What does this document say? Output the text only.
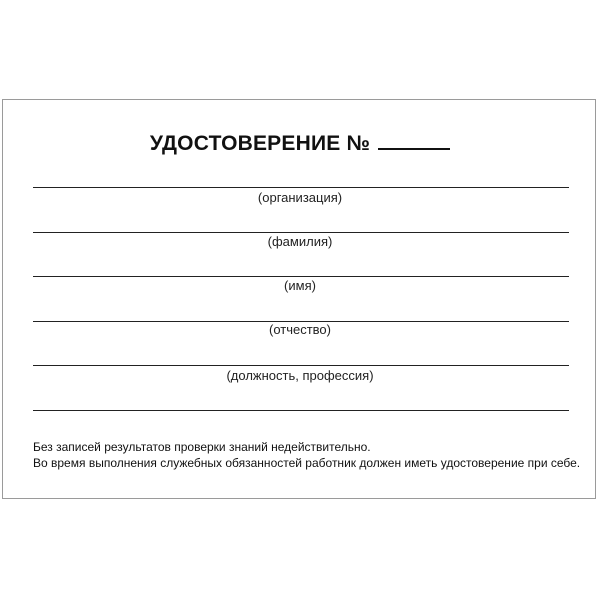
УДОСТОВЕРЕНИЕ №
(организация)
(фамилия)
(имя)
(отчество)
(должность, профессия)
Без записей результатов проверки знаний недействительно.
Во время выполнения служебных обязанностей работник должен иметь удостоверение при себе.
